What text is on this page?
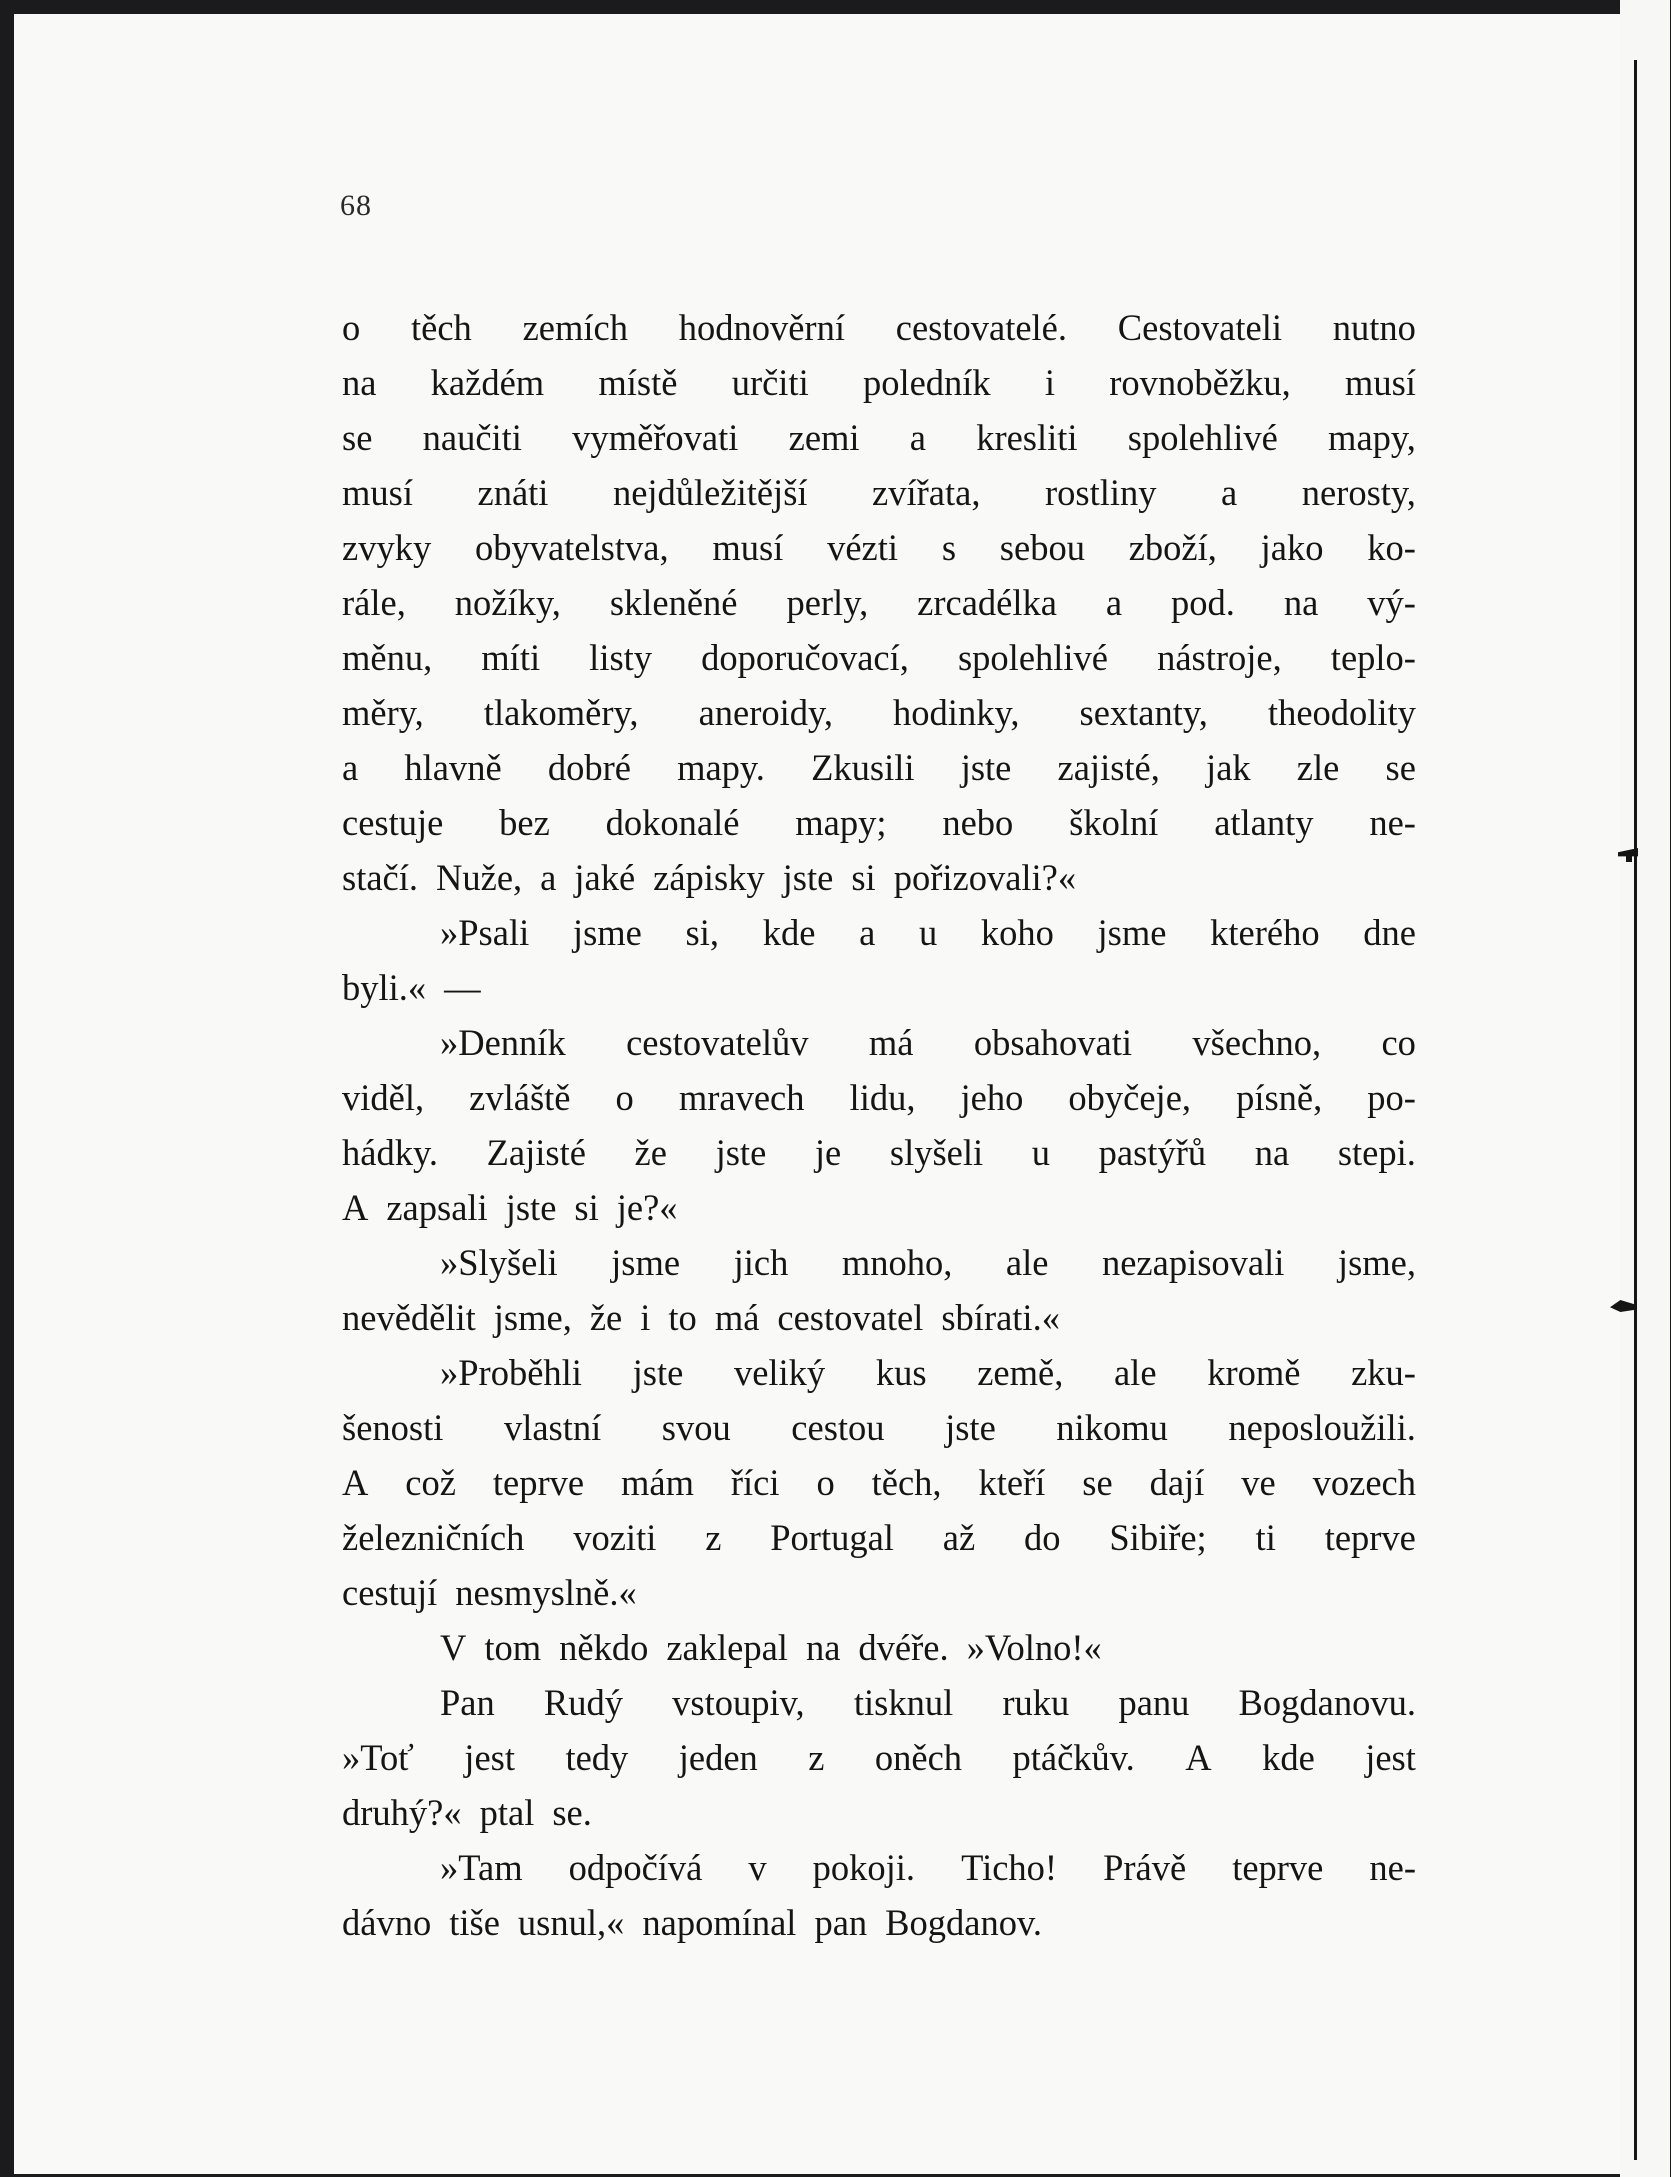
68
o těch zemích hodnověrní cestovatelé. Cestovateli nutno
na každém místě určiti poledník i rovnoběžku, musí
se naučiti vyměřovati zemi a kresliti spolehlivé mapy,
musí znáti nejdůležitější zvířata, rostliny a nerosty,
zvyky obyvatelstva, musí vézti s sebou zboží, jako ko-
rále, nožíky, skleněné perly, zrcadélka a pod. na vý-
měnu, míti listy doporučovací, spolehlivé nástroje, teplo-
měry, tlakoměry, aneroidy, hodinky, sextanty, theodolity
a hlavně dobré mapy. Zkusili jste zajisté, jak zle se
cestuje bez dokonalé mapy; nebo školní atlanty ne-
stačí. Nuže, a jaké zápisky jste si pořizovali?«
»Psali jsme si, kde a u koho jsme kterého dne
byli.« —
»Denník cestovatelův má obsahovati všechno, co
viděl, zvláště o mravech lidu, jeho obyčeje, písně, po-
hádky. Zajisté že jste je slyšeli u pastýřů na stepi.
A zapsali jste si je?«
»Slyšeli jsme jich mnoho, ale nezapisovali jsme,
nevědělit jsme, že i to má cestovatel sbírati.«
»Proběhli jste veliký kus země, ale kromě zku-
šenosti vlastní svou cestou jste nikomu neposloužili.
A což teprve mám říci o těch, kteří se dají ve vozech
železničních voziti z Portugal až do Sibiře; ti teprve
cestují nesmyslně.«
V tom někdo zaklepal na dvéře. »Volno!«
Pan Rudý vstoupiv, tisknul ruku panu Bogdanovu.
»Toť jest tedy jeden z oněch ptáčkův. A kde jest
druhý?« ptal se.
»Tam odpočívá v pokoji. Ticho! Právě teprve ne-
dávno tiše usnul,« napomínal pan Bogdanov.
